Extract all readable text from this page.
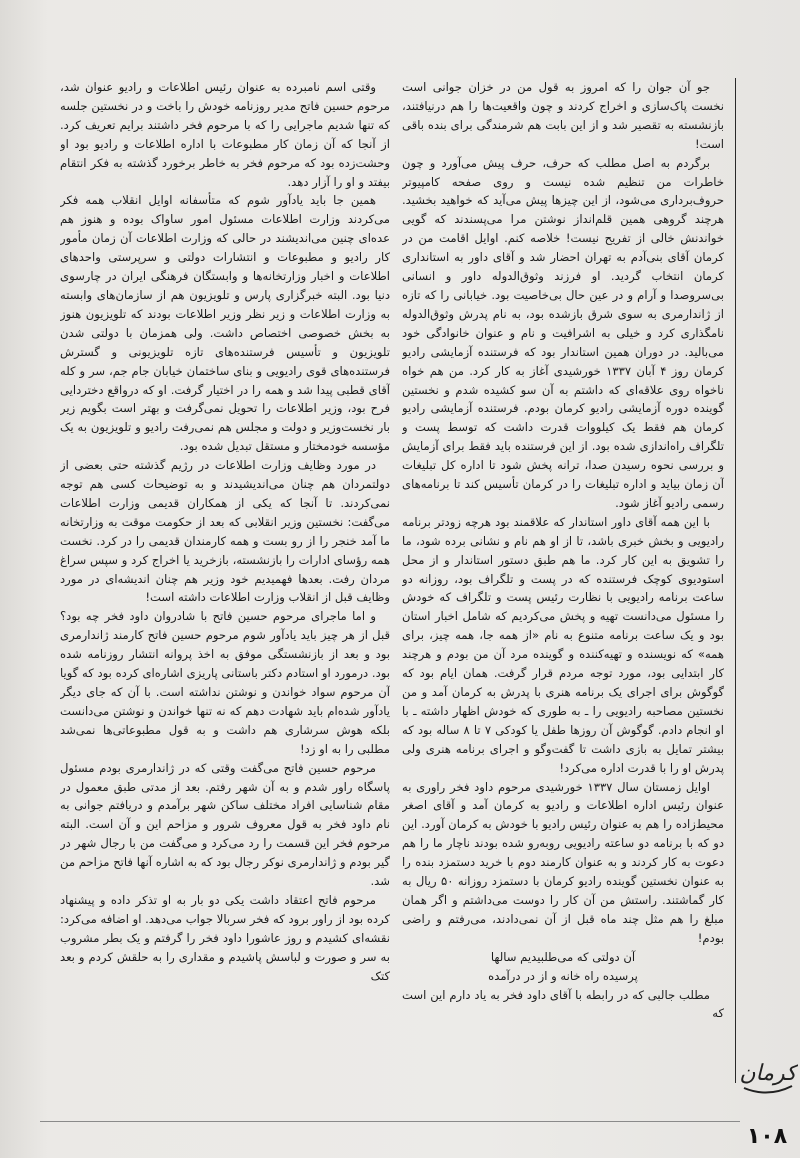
جو آن جوان را که امروز به قول من در خزان جوانی است نخست پاک‌سازی و اخراج کردند و چون واقعیت‌ها را هم درنیافتند، بازنشسته به تقصیر شد و از این بابت هم شرمندگی برای بنده باقی است!

برگردم به اصل مطلب که حرف، حرف پیش می‌آورد و چون خاطرات من تنظیم شده نیست و روی صفحه کامپیوتر حروف‌برداری می‌شود، از این چیزها پیش می‌آید که خواهید بخشید. هرچند گروهی همین قلم‌انداز نوشتن مرا می‌پسندند که گویی خواندنش خالی از تفریح نیست! خلاصه کنم. اوایل اقامت من در کرمان آقای بنی‌آدم به تهران احضار شد و آقای داور به استانداری کرمان انتخاب گردید. او فرزند وثوق‌الدوله داور و انسانی بی‌سروصدا و آرام و در عین حال بی‌خاصیت بود. خیابانی را که تازه از ژاندارمری به سوی شرق بازشده بود، به نام پدرش وثوق‌الدوله نامگذاری کرد و خیلی به اشرافیت و نام و عنوان خانوادگی خود می‌بالید. در دوران همین استاندار بود که فرستنده آزمایشی رادیو کرمان روز ۴ آبان ۱۳۳۷ خورشیدی آغاز به کار کرد. من هم خواه ناخواه روی علاقه‌ای که داشتم به آن سو کشیده شدم و نخستین گوینده دوره آزمایشی رادیو کرمان بودم. فرستنده آزمایشی رادیو کرمان هم فقط یک کیلووات قدرت داشت که توسط پست و تلگراف راه‌اندازی شده بود. از این فرستنده باید فقط برای آزمایش و بررسی نحوه رسیدن صدا، ترانه پخش شود تا اداره کل تبلیغات آن زمان بیاید و اداره تبلیغات را در کرمان تأسیس کند تا برنامه‌های رسمی رادیو آغاز شود.

با این همه آقای داور استاندار که علاقمند بود هرچه زودتر برنامه رادیویی و بخش خبری باشد، تا از او هم نام و نشانی برده شود، ما را تشویق به این کار کرد. ما هم طبق دستور استاندار و از محل استودیوی کوچک فرستنده که در پست و تلگراف بود، روزانه دو ساعت برنامه رادیویی با نظارت رئیس پست و تلگراف که خودش را مسئول می‌دانست تهیه و پخش می‌کردیم که شامل اخبار استان بود و یک ساعت برنامه متنوع به نام «از همه جا، همه چیز، برای همه» که نویسنده و تهیه‌کننده و گوینده مرد آن من بودم و هرچند کار ابتدایی بود، مورد توجه مردم قرار گرفت. همان ایام بود که گوگوش برای اجرای یک برنامه هنری با پدرش به کرمان آمد و من نخستین مصاحبه رادیویی را ـ به طوری که خودش اظهار داشته ـ با او انجام دادم. گوگوش آن روزها طفل یا کودکی ۷ تا ۸ ساله بود که بیشتر تمایل به بازی داشت تا گفت‌وگو و اجرای برنامه هنری ولی پدرش او را با قدرت اداره می‌کرد!

اوایل زمستان سال ۱۳۳۷ خورشیدی مرحوم داود فخر راوری به عنوان رئیس اداره اطلاعات و رادیو به کرمان آمد و آقای اصغر محیط‌زاده را هم به عنوان رئیس رادیو با خودش به کرمان آورد. این دو که با برنامه دو ساعته رادیویی روبه‌رو شده بودند ناچار ما را هم دعوت به کار کردند و به عنوان کارمند دوم با خرید دستمزد بنده را به عنوان نخستین گوینده رادیو کرمان با دستمزد روزانه ۵۰ ریال به کار گماشتند. راستش من آن کار را دوست می‌داشتم و اگر همان مبلغ را هم مثل چند ماه قبل از آن نمی‌دادند، می‌رفتم و راضی بودم!

آن دولتی که می‌طلبیدیم سالها

پرسیده راه خانه و از در درآمده

مطلب جالبی که در رابطه با آقای داود فخر به یاد دارم این است که

وقتی اسم نامبرده به عنوان رئیس اطلاعات و رادیو عنوان شد، مرحوم حسین فاتح مدیر روزنامه خودش را باخت و در نخستین جلسه که تنها شدیم ماجرایی را که با مرحوم فخر داشتند برایم تعریف کرد. از آنجا که آن زمان کار مطبوعات با اداره اطلاعات و رادیو بود او وحشت‌زده بود که مرحوم فخر به خاطر برخورد گذشته به فکر انتقام بیفتد و او را آزار دهد.

همین جا باید یادآور شوم که متأسفانه اوایل انقلاب همه فکر می‌کردند وزارت اطلاعات مسئول امور ساواک بوده و هنوز هم عده‌ای چنین می‌اندیشند در حالی که وزارت اطلاعات آن زمان مأمور کار رادیو و مطبوعات و انتشارات دولتی و سرپرستی واحدهای اطلاعات و اخبار وزارتخانه‌ها و وابستگان فرهنگی ایران در چارسوی دنیا بود. البته خبرگزاری پارس و تلویزیون هم از سازمان‌های وابسته به وزارت اطلاعات و زیر نظر وزیر اطلاعات بودند که تلویزیون هنوز به بخش خصوصی اختصاص داشت. ولی همزمان با دولتی شدن تلویزیون و تأسیس فرستنده‌های تازه تلویزیونی و گسترش فرستنده‌های قوی رادیویی و بنای ساختمان خیابان جام جم، سر و کله آقای قطبی پیدا شد و همه را در اختیار گرفت. او که درواقع دختردایی فرح بود، وزیر اطلاعات را تحویل نمی‌گرفت و بهتر است بگویم زیر بار نخست‌وزیر و دولت و مجلس هم نمی‌رفت رادیو و تلویزیون به یک مؤسسه خودمختار و مستقل تبدیل شده بود.

در مورد وظایف وزارت اطلاعات در رژیم گذشته حتی بعضی از دولتمردان هم چنان می‌اندیشیدند و به توضیحات کسی هم توجه نمی‌کردند. تا آنجا که یکی از همکاران قدیمی وزارت اطلاعات می‌گفت: نخستین وزیر انقلابی که بعد از حکومت موقت به وزارتخانه ما آمد خنجر را از رو بست و همه کارمندان قدیمی را در کرد. نخست همه رؤسای ادارات را بازنشسته، بازخرید یا اخراج کرد و سپس سراغ مردان رفت. بعدها فهمیدیم خود وزیر هم چنان اندیشه‌ای در مورد وظایف قبل از انقلاب وزارت اطلاعات داشته است!

و اما ماجرای مرحوم حسین فاتح با شادروان داود فخر چه بود؟ قبل از هر چیز باید یادآور شوم مرحوم حسین فاتح کارمند ژاندارمری بود و بعد از بازنشستگی موفق به اخذ پروانه انتشار روزنامه شده بود. درمورد او استادم دکتر باستانی پاریزی اشاره‌ای کرده بود که گویا آن مرحوم سواد خواندن و نوشتن نداشته است. با آن که جای دیگر یادآور شده‌ام باید شهادت دهم که نه تنها خواندن و نوشتن می‌دانست بلکه هوش سرشاری هم داشت و به قول مطبوعاتی‌ها نمی‌شد مطلبی را به او زد!

مرحوم حسین فاتح می‌گفت وقتی که در ژاندارمری بودم مسئول پاسگاه راور شدم و به آن شهر رفتم. بعد از مدتی طبق معمول در مقام شناسایی افراد مختلف ساکن شهر برآمدم و دریافتم جوانی به نام داود فخر به قول معروف شرور و مزاحم این و آن است. البته مرحوم فخر این قسمت را رد می‌کرد و می‌گفت من با رجال شهر در گیر بودم و ژاندارمری نوکر رجال بود که به اشاره آنها فاتح مزاحم من شد.

مرحوم فاتح اعتقاد داشت یکی دو بار به او تذکر داده و پیشنهاد کرده بود از راور برود که فخر سربالا جواب می‌دهد. او اضافه می‌کرد: نقشه‌ای کشیدم و روز عاشورا داود فخر را گرفتم و یک بطر مشروب به سر و صورت و لباسش پاشیدم و مقداری را به حلقش کردم و بعد کتک

کرمان
۱۰۸
